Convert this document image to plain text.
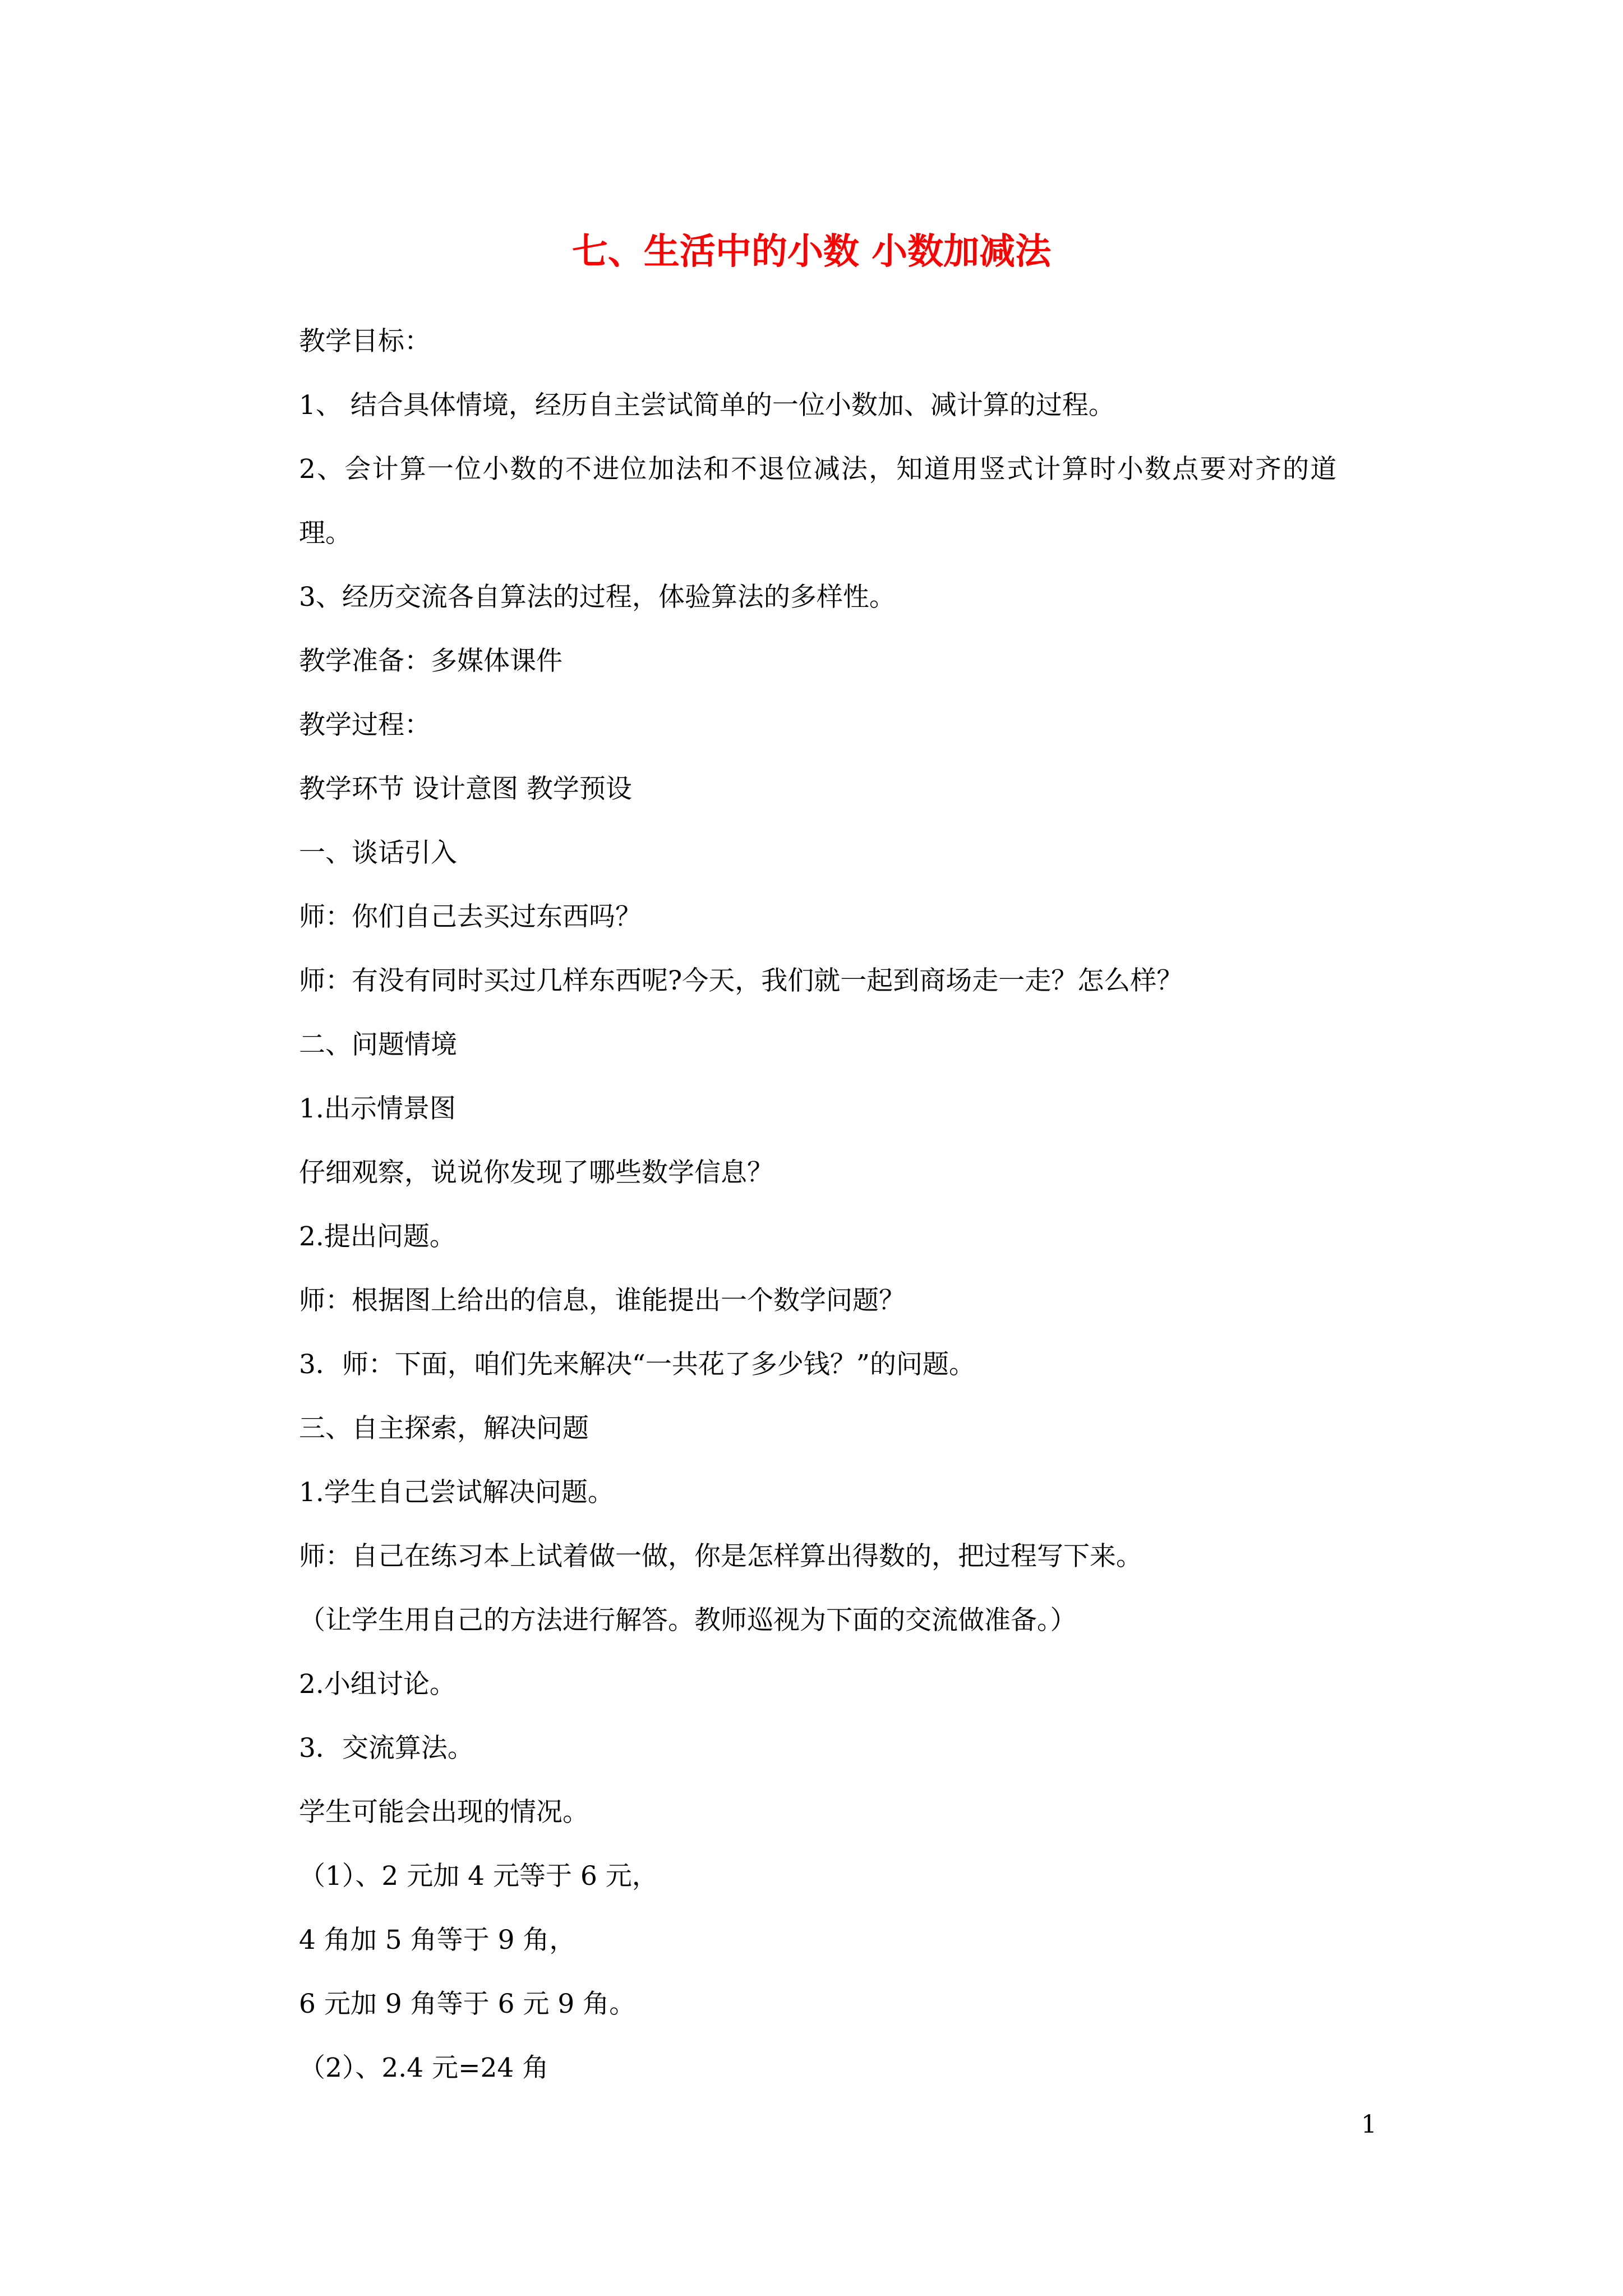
七、生活中的小数 小数加减法
教学目标：
1、 结合具体情境，经历自主尝试简单的一位小数加、减计算的过程。
2、会计算一位小数的不进位加法和不退位减法，知道用竖式计算时小数点要对齐的道
理。
3、经历交流各自算法的过程，体验算法的多样性。
教学准备：多媒体课件
教学过程：
教学环节 设计意图 教学预设
一、谈话引入
师：你们自己去买过东西吗？
师：有没有同时买过几样东西呢?今天，我们就一起到商场走一走？怎么样？
二、问题情境
1.出示情景图
仔细观察，说说你发现了哪些数学信息？
2.提出问题。
师：根据图上给出的信息，谁能提出一个数学问题？
3．师：下面，咱们先来解决“一共花了多少钱？”的问题。
三、自主探索，解决问题
1.学生自己尝试解决问题。
师：自己在练习本上试着做一做，你是怎样算出得数的，把过程写下来。
（让学生用自己的方法进行解答。教师巡视为下面的交流做准备。）
2.小组讨论。
3．交流算法。
学生可能会出现的情况。
（1）、2 元加 4 元等于 6 元，
4 角加 5 角等于 9 角，
6 元加 9 角等于 6 元 9 角。
（2）、2.4 元=24 角
1
